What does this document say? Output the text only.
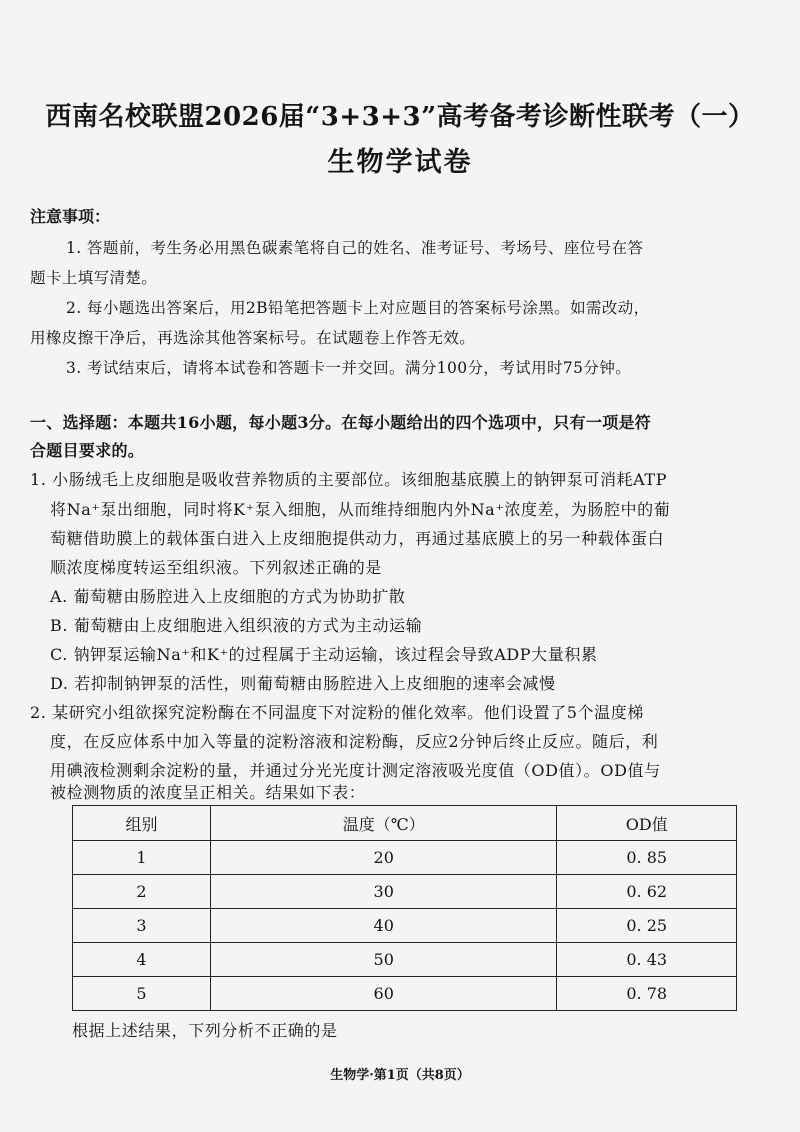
西南名校联盟2026届“3+3+3”高考备考诊断性联考（一）
生物学试卷
注意事项：
1. 答题前，考生务必用黑色碳素笔将自己的姓名、准考证号、考场号、座位号在答
题卡上填写清楚。
2. 每小题选出答案后，用2B铅笔把答题卡上对应题目的答案标号涂黑。如需改动，
用橡皮擦干净后，再选涂其他答案标号。在试题卷上作答无效。
3. 考试结束后，请将本试卷和答题卡一并交回。满分100分，考试用时75分钟。
一、选择题：本题共16小题，每小题3分。在每小题给出的四个选项中，只有一项是符
合题目要求的。
1. 小肠绒毛上皮细胞是吸收营养物质的主要部位。该细胞基底膜上的钠钾泵可消耗ATP
将Na⁺泵出细胞，同时将K⁺泵入细胞，从而维持细胞内外Na⁺浓度差，为肠腔中的葡
萄糖借助膜上的载体蛋白进入上皮细胞提供动力，再通过基底膜上的另一种载体蛋白
顺浓度梯度转运至组织液。下列叙述正确的是
A. 葡萄糖由肠腔进入上皮细胞的方式为协助扩散
B. 葡萄糖由上皮细胞进入组织液的方式为主动运输
C. 钠钾泵运输Na⁺和K⁺的过程属于主动运输，该过程会导致ADP大量积累
D. 若抑制钠钾泵的活性，则葡萄糖由肠腔进入上皮细胞的速率会减慢
2. 某研究小组欲探究淀粉酶在不同温度下对淀粉的催化效率。他们设置了5个温度梯
度，在反应体系中加入等量的淀粉溶液和淀粉酶，反应2分钟后终止反应。随后，利
用碘液检测剩余淀粉的量，并通过分光光度计测定溶液吸光度值（OD值）。OD值与
被检测物质的浓度呈正相关。结果如下表：
组别	温度（℃）	OD值
1	20	0. 85
2	30	0. 62
3	40	0. 25
4	50	0. 43
5	60	0. 78
根据上述结果，下列分析不正确的是
生物学·第1页（共8页）
